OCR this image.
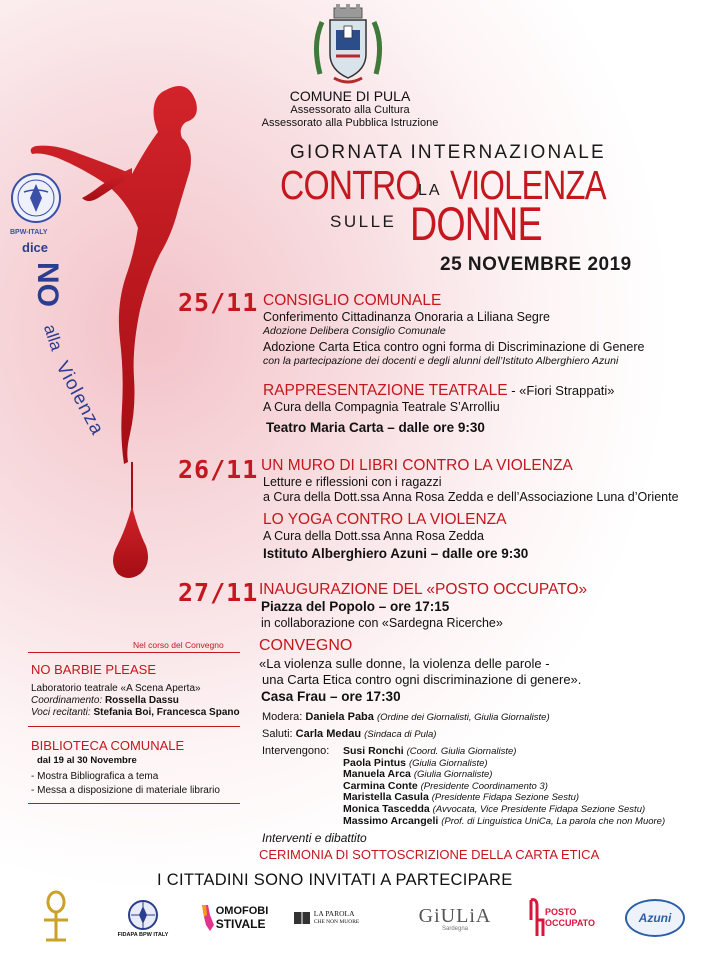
COMUNE DI PULA
Assessorato alla Cultura
Assessorato alla Pubblica Istruzione
BPW-ITALY
dice
NO
alla
Violenza
GIORNATA INTERNAZIONALE
CONTRO
LA VIOLENZA
SULLE DONNE
25 NOVEMBRE 2019
25/11 CONSIGLIO COMUNALE
Conferimento Cittadinanza Onoraria a Liliana Segre
Adozione Delibera Consiglio Comunale
Adozione Carta Etica contro ogni forma di Discriminazione di Genere
con la partecipazione dei docenti e degli alunni dell’Istituto Alberghiero Azuni
RAPPRESENTAZIONE TEATRALE - «Fiori Strappati»
A Cura della Compagnia Teatrale S’Arrolliu
Teatro Maria Carta – dalle ore 9:30
26/11 UN MURO DI LIBRI CONTRO LA VIOLENZA
Letture e riflessioni con i ragazzi
a Cura della Dott.ssa Anna Rosa Zedda e dell’Associazione Luna d’Oriente
LO YOGA CONTRO LA VIOLENZA
A Cura della Dott.ssa Anna Rosa Zedda
Istituto Alberghiero Azuni – dalle ore 9:30
27/11 INAUGURAZIONE DEL «POSTO OCCUPATO»
Piazza del Popolo – ore 17:15
in collaborazione con «Sardegna Ricerche»
CONVEGNO
«La violenza sulle donne, la violenza delle parole -
una Carta Etica contro ogni discriminazione di genere».
Casa Frau – ore 17:30
Modera: Daniela Paba (Ordine dei Giornalisti, Giulia Giornaliste)
Saluti: Carla Medau (Sindaca di Pula)
Intervengono: Susi Ronchi (Coord. Giulia Giornaliste)
Paola Pintus (Giulia Giornaliste)
Manuela Arca (Giulia Giornaliste)
Carmina Conte (Presidente Coordinamento 3)
Maristella Casula (Presidente Fidapa Sezione Sestu)
Monica Tascedda (Avvocata, Vice Presidente Fidapa Sezione Sestu)
Massimo Arcangeli (Prof. di Linguistica UniCa, La parola che non Muore)
Interventi e dibattito
CERIMONIA DI SOTTOSCRIZIONE DELLA CARTA ETICA
I CITTADINI SONO INVITATI A PARTECIPARE
Nel corso del Convegno
NO BARBIE PLEASE
Laboratorio teatrale «A Scena Aperta»
Coordinamento: Rossella Dassu
Voci recitanti: Stefania Boi, Francesca Spano
BIBLIOTECA COMUNALE
dal 19 al 30 Novembre
- Mostra Bibliografica a tema
- Messa a disposizione di materiale librario
FIDAPA BPW ITALY
OMOFOBI
STIVALE
LA PAROLA
CHE NON MUORE	GiULiA
Sardegna
POSTO
OCCUPATO	Azuni
